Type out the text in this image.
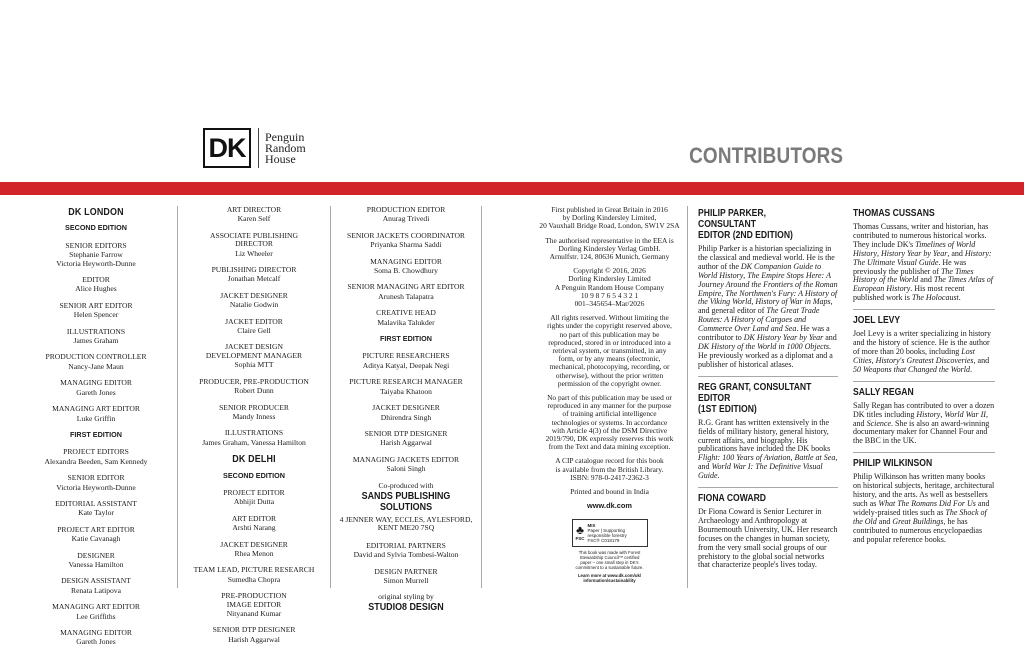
DK	Penguin
Random
House	CONTRIBUTORS
DK LONDON
SECOND EDITION
SENIOR EDITORS
Stephanie Farrow
Victoria Heyworth-Dunne
EDITOR
Alice Hughes
SENIOR ART EDITOR
Helen Spencer
ILLUSTRATIONS
James Graham
PRODUCTION CONTROLLER
Nancy-Jane Maun
MANAGING EDITOR
Gareth Jones
MANAGING ART EDITOR
Luke Griffin
FIRST EDITION
PROJECT EDITORS
Alexandra Beeden, Sam Kennedy
SENIOR EDITOR
Victoria Heyworth-Dunne
EDITORIAL ASSISTANT
Kate Taylor
PROJECT ART EDITOR
Katie Cavanagh
DESIGNER
Vanessa Hamilton
DESIGN ASSISTANT
Renata Latipova
MANAGING ART EDITOR
Lee Griffiths
MANAGING EDITOR
Gareth Jones
ART DIRECTOR
Karen Self
ASSOCIATE PUBLISHING
DIRECTOR
Liz Wheeler
PUBLISHING DIRECTOR
Jonathan Metcalf
JACKET DESIGNER
Natalie Godwin
JACKET EDITOR
Claire Gell
JACKET DESIGN
DEVELOPMENT MANAGER
Sophia MTT
PRODUCER, PRE-PRODUCTION
Robert Dunn
SENIOR PRODUCER
Mandy Inness
ILLUSTRATIONS
James Graham, Vanessa Hamilton
DK DELHI
SECOND EDITION
PROJECT EDITOR
Abhijit Dutta
ART EDITOR
Arshti Narang
JACKET DESIGNER
Rhea Menon
TEAM LEAD, PICTURE RESEARCH
Sumedha Chopra
PRE-PRODUCTION
IMAGE EDITOR
Nityanand Kumar
SENIOR DTP DESIGNER
Harish Aggarwal
PRODUCTION EDITOR
Anurag Trivedi
SENIOR JACKETS COORDINATOR
Priyanka Sharma Saddi
MANAGING EDITOR
Soma B. Chowdhury
SENIOR MANAGING ART EDITOR
Arunesh Talapatra
CREATIVE HEAD
Malavika Talukder
FIRST EDITION
PICTURE RESEARCHERS
Aditya Katyal, Deepak Negi
PICTURE RESEARCH MANAGER
Taiyaba Khatoon
JACKET DESIGNER
Dhirendra Singh
SENIOR DTP DESIGNER
Harish Aggarwal
MANAGING JACKETS EDITOR
Saloni Singh
Co-produced with
SANDS PUBLISHING
SOLUTIONS
4 JENNER WAY, ECCLES, AYLESFORD,
KENT ME20 7SQ
EDITORIAL PARTNERS
David and Sylvia Tombesi-Walton
DESIGN PARTNER
Simon Murrell
original styling by
STUDIO8 DESIGN

First published in Great Britain in 2016
by Dorling Kindersley Limited,
20 Vauxhall Bridge Road, London, SW1V 2SA

The authorised representative in the EEA is
Dorling Kindersley Verlag GmbH.
Arnulfstr. 124, 80636 Munich, Germany

Copyright © 2016, 2026
Dorling Kindersley Limited
A Penguin Random House Company
10 9 8 7 6 5 4 3 2 1
001–345654–Mar/2026

All rights reserved. Without limiting the
rights under the copyright reserved above,
no part of this publication may be
reproduced, stored in or introduced into a
retrieval system, or transmitted, in any
form, or by any means (electronic,
mechanical, photocopying, recording, or
otherwise), without the prior written
permission of the copyright owner.

No part of this publication may be used or
reproduced in any manner for the purpose
of training artificial intelligence
technologies or systems. In accordance
with Article 4(3) of the DSM Directive
2019/790, DK expressly reserves this work
from the Text and data mining exception.

A CIP catalogue record for this book
is available from the British Library.
ISBN: 978-0-2417-2362-3

Printed and bound in India

www.dk.com

♣
FSC
MIX
Paper | Supporting
responsible forestry
FSC® C018179
This book was made with Forest
Stewardship Council™ certified
paper – one small step in DK's
commitment to a sustainable future.
Learn more at www.dk.com/uk/
information/sustainability
PHILIP PARKER, CONSULTANT
EDITOR (2ND EDITION)

Philip Parker is a historian specializing in the classical and medieval world. He is the author of the DK Companion Guide to World History, The Empire Stops Here: A Journey Around the Frontiers of the Roman Empire, The Northmen's Fury: A History of the Viking World, History of War in Maps, and general editor of The Great Trade Routes: A History of Cargoes and Commerce Over Land and Sea. He was a contributor to DK History Year by Year and DK History of the World in 1000 Objects. He previously worked as a diplomat and a publisher of historical atlases.

REG GRANT, CONSULTANT EDITOR
(1ST EDITION)

R.G. Grant has written extensively in the fields of military history, general history, current affairs, and biography. His publications have included the DK books Flight: 100 Years of Aviation, Battle at Sea, and World War I: The Definitive Visual Guide.

FIONA COWARD

Dr Fiona Coward is Senior Lecturer in Archaeology and Anthropology at Bournemouth University, UK. Her research focuses on the changes in human society, from the very small social groups of our prehistory to the global social networks that characterize people's lives today.

THOMAS CUSSANS

Thomas Cussans, writer and historian, has contributed to numerous historical works. They include DK's Timelines of World History, History Year by Year, and History: The Ultimate Visual Guide. He was previously the publisher of The Times History of the World and The Times Atlas of European History. His most recent published work is The Holocaust.

JOEL LEVY

Joel Levy is a writer specializing in history and the history of science. He is the author of more than 20 books, including Lost Cities, History's Greatest Discoveries, and 50 Weapons that Changed the World.

SALLY REGAN

Sally Regan has contributed to over a dozen DK titles including History, World War II, and Science. She is also an award-winning documentary maker for Channel Four and the BBC in the UK.

PHILIP WILKINSON

Philip Wilkinson has written many books on historical subjects, heritage, architectural history, and the arts. As well as bestsellers such as What The Romans Did For Us and widely-praised titles such as The Shock of the Old and Great Buildings, he has contributed to numerous encyclopaedias and popular reference books.
